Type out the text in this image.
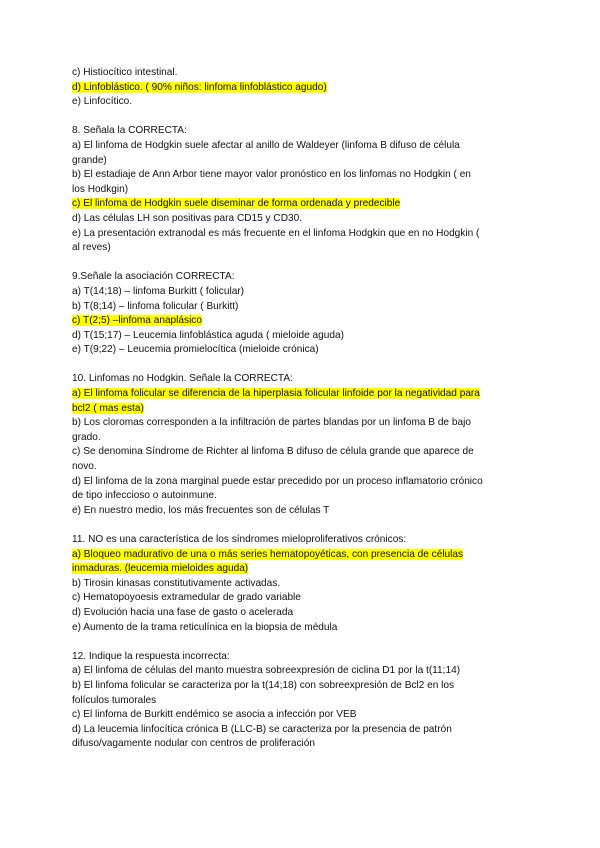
c) Histiocítico intestinal.
d) Linfoblástico. ( 90% niños: linfoma linfoblástico agudo)
e) Linfocítico.
8. Señala la CORRECTA:
a) El linfoma de Hodgkin suele afectar al anillo de Waldeyer (linfoma B difuso de célula
grande)
b) El estadiaje de Ann Arbor tiene mayor valor pronóstico en los linfomas no Hodgkin ( en
los Hodkgin)
c) El linfoma de Hodgkin suele diseminar de forma ordenada y predecible
d) Las células LH son positivas para CD15 y CD30.
e) La presentación extranodal es más frecuente en el linfoma Hodgkin que en no Hodgkin (
al reves)
9.Señale la asociación CORRECTA:
a) T(14;18) – linfoma Burkitt ( folicular)
b) T(8;14) – linfoma folicular ( Burkitt)
c) T(2;5) –linfoma anaplásico
d) T(15;17) – Leucemia linfoblástica aguda ( mieloide aguda)
e) T(9;22) – Leucemia promielocítica (mieloide crónica)
10. Linfomas no Hodgkin. Señale la CORRECTA:
a) El linfoma folicular se diferencia de la hiperplasia folicular linfoide por la negatividad para
bcl2 ( mas esta)
b) Los cloromas corresponden a la infiltración de partes blandas por un linfoma B de bajo
grado.
c) Se denomina Síndrome de Richter al linfoma B difuso de célula grande que aparece de
novo.
d) El linfoma de la zona marginal puede estar precedido por un proceso inflamatorio crónico
de tipo infeccioso o autoinmune.
e) En nuestro medio, los más frecuentes son de células T
11. NO es una característica de los síndromes mieloproliferativos crónicos:
a) Bloqueo madurativo de una o más series hematopoyéticas, con presencia de células
inmaduras. (leucemia mieloides aguda)
b) Tirosin kinasas constitutivamente activadas.
c) Hematopoyoesis extramedular de grado variable
d) Evolución hacia una fase de gasto o acelerada
e) Aumento de la trama reticulínica en la biopsia de médula
12. Indique la respuesta incorrecta:
a) El linfoma de células del manto muestra sobreexpresión de ciclina D1 por la t(11;14)
b) El linfoma folicular se caracteriza por la t(14;18) con sobreexpresión de Bcl2 en los
folículos tumorales
c) El linfoma de Burkitt endémico se asocia a infección por VEB
d) La leucemia linfocítica crónica B (LLC-B) se caracteriza por la presencia de patrón
difuso/vagamente nodular con centros de proliferación
